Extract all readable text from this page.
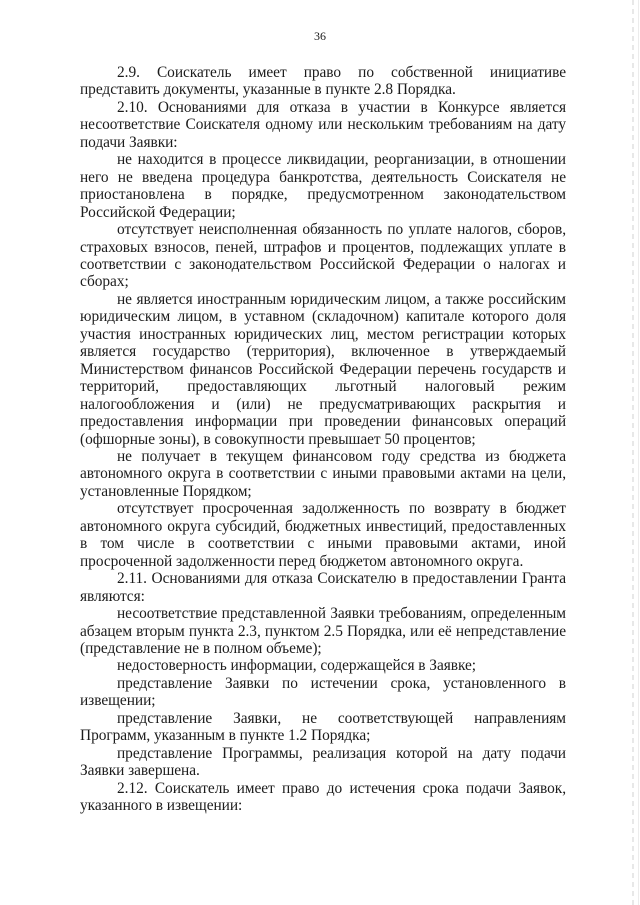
36

2.9. Соискатель имеет право по собственной инициативе представить документы, указанные в пункте 2.8 Порядка.

2.10. Основаниями для отказа в участии в Конкурсе является несоответствие Соискателя одному или нескольким требованиям на дату подачи Заявки:

не находится в процессе ликвидации, реорганизации, в отношении него не введена процедура банкротства, деятельность Соискателя не приостановлена в порядке, предусмотренном законодательством Российской Федерации;

отсутствует неисполненная обязанность по уплате налогов, сборов, страховых взносов, пеней, штрафов и процентов, подлежащих уплате в соответствии с законодательством Российской Федерации о налогах и сборах;

не является иностранным юридическим лицом, а также российским юридическим лицом, в уставном (складочном) капитале которого доля участия иностранных юридических лиц, местом регистрации которых является государство (территория), включенное в утверждаемый Министерством финансов Российской Федерации перечень государств и территорий, предоставляющих льготный налоговый режим налогообложения и (или) не предусматривающих раскрытия и предоставления информации при проведении финансовых операций (офшорные зоны), в совокупности превышает 50 процентов;

не получает в текущем финансовом году средства из бюджета автономного округа в соответствии с иными правовыми актами на цели, установленные Порядком;

отсутствует просроченная задолженность по возврату в бюджет автономного округа субсидий, бюджетных инвестиций, предоставленных в том числе в соответствии с иными правовыми актами, иной просроченной задолженности перед бюджетом автономного округа.

2.11. Основаниями для отказа Соискателю в предоставлении Гранта являются:

несоответствие представленной Заявки требованиям, определенным абзацем вторым пункта 2.3, пунктом 2.5 Порядка, или её непредставление (представление не в полном объеме);

недостоверность информации, содержащейся в Заявке;

представление Заявки по истечении срока, установленного в извещении;

представление Заявки, не соответствующей направлениям Программ, указанным в пункте 1.2 Порядка;

представление Программы, реализация которой на дату подачи Заявки завершена.

2.12. Соискатель имеет право до истечения срока подачи Заявок, указанного в извещении:
